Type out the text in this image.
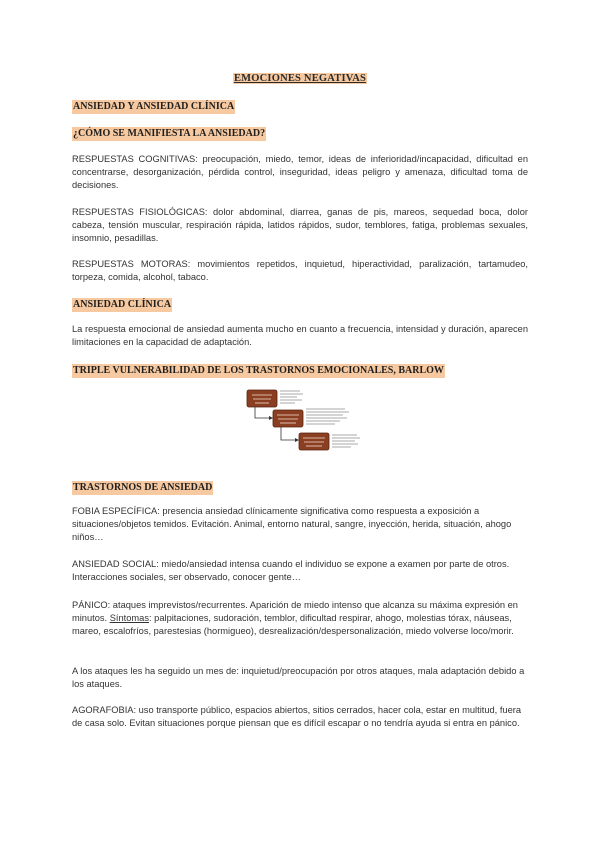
EMOCIONES NEGATIVAS
ANSIEDAD Y ANSIEDAD CLÍNICA
¿CÓMO SE MANIFIESTA LA ANSIEDAD?
RESPUESTAS COGNITIVAS: preocupación, miedo, temor, ideas de inferioridad/incapacidad, dificultad en concentrarse, desorganización, pérdida control, inseguridad, ideas peligro y amenaza, dificultad toma de decisiones.
RESPUESTAS FISIOLÓGICAS: dolor abdominal, diarrea, ganas de pis, mareos, sequedad boca, dolor cabeza, tensión muscular, respiración rápida, latidos rápidos, sudor, temblores, fatiga, problemas sexuales, insomnio, pesadillas.
RESPUESTAS MOTORAS: movimientos repetidos, inquietud, hiperactividad, paralización, tartamudeo, torpeza, comida, alcohol, tabaco.
ANSIEDAD CLÍNICA
La respuesta emocional de ansiedad aumenta mucho en cuanto a frecuencia, intensidad y duración, aparecen limitaciones en la capacidad de adaptación.
TRIPLE VULNERABILIDAD DE LOS TRASTORNOS EMOCIONALES, BARLOW
TRASTORNOS DE ANSIEDAD
FOBIA ESPECÍFICA: presencia ansiedad clínicamente significativa como respuesta a exposición a situaciones/objetos temidos. Evitación. Animal, entorno natural, sangre, inyección, herida, situación, ahogo niños…
ANSIEDAD SOCIAL: miedo/ansiedad intensa cuando el individuo se expone a examen por parte de otros. Interacciones sociales, ser observado, conocer gente…
PÁNICO: ataques imprevistos/recurrentes. Aparición de miedo intenso que alcanza su máxima expresión en minutos. Síntomas: palpitaciones, sudoración, temblor, dificultad respirar, ahogo, molestias tórax, náuseas, mareo, escalofríos, parestesias (hormigueo), desrealización/despersonalización, miedo volverse loco/morir.
A los ataques les ha seguido un mes de: inquietud/preocupación por otros ataques, mala adaptación debido a los ataques.
AGORAFOBIA: uso transporte público, espacios abiertos, sitios cerrados, hacer cola, estar en multitud, fuera de casa solo. Evitan situaciones porque piensan que es difícil escapar o no tendría ayuda si entra en pánico.
